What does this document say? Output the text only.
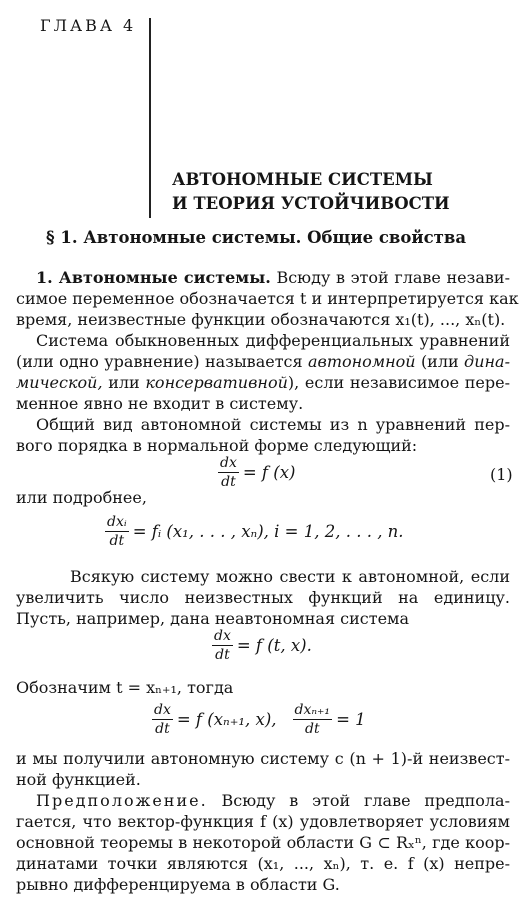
ГЛАВА 4
АВТОНОМНЫЕ СИСТЕМЫ
И ТЕОРИЯ УСТОЙЧИВОСТИ
§ 1. Автономные системы. Общие свойства
1. Автономные системы. Всюду в этой главе незави-
симое переменное обозначается t и интерпретируется как
время, неизвестные функции обозначаются x₁(t), ..., xₙ(t).
Система обыкновенных дифференциальных уравнений
(или одно уравнение) называется автономной (или дина-
мической, или консервативной), если независимое пере-
менное явно не входит в систему.
Общий вид автономной системы из n уравнений пер-
вого порядка в нормальной форме следующий:
$\frac{dx}{dt} = f$ (x)	(1)
или подробнее,
$\frac{\text{dxᵢ}}{dt}$ = fᵢ (x₁, . . . , xₙ), i = 1, 2, . . . , n.
Всякую систему можно свести к автономной, если
увеличить число неизвестных функций на единицу.
Пусть, например, дана неавтономная система
$\frac{dx}{dt} = f$ (t, x).
Обозначим t = xₙ₊₁, тогда
$\frac{dx}{dt} = f$ (xₙ₊₁, x), $\frac{\text{dxₙ₊₁}}{dt} = 1$
и мы получили автономную систему с (n + 1)-й неизвест-
ной функцией.
Предположение. Всюду в этой главе предпола-
гается, что вектор-функция f (x) удовлетворяет условиям
основной теоремы в некоторой области G ⊂ Rₓⁿ, где коор-
динатами точки являются (x₁, ..., xₙ), т. е. f (x) непре-
рывно дифференцируема в области G.
